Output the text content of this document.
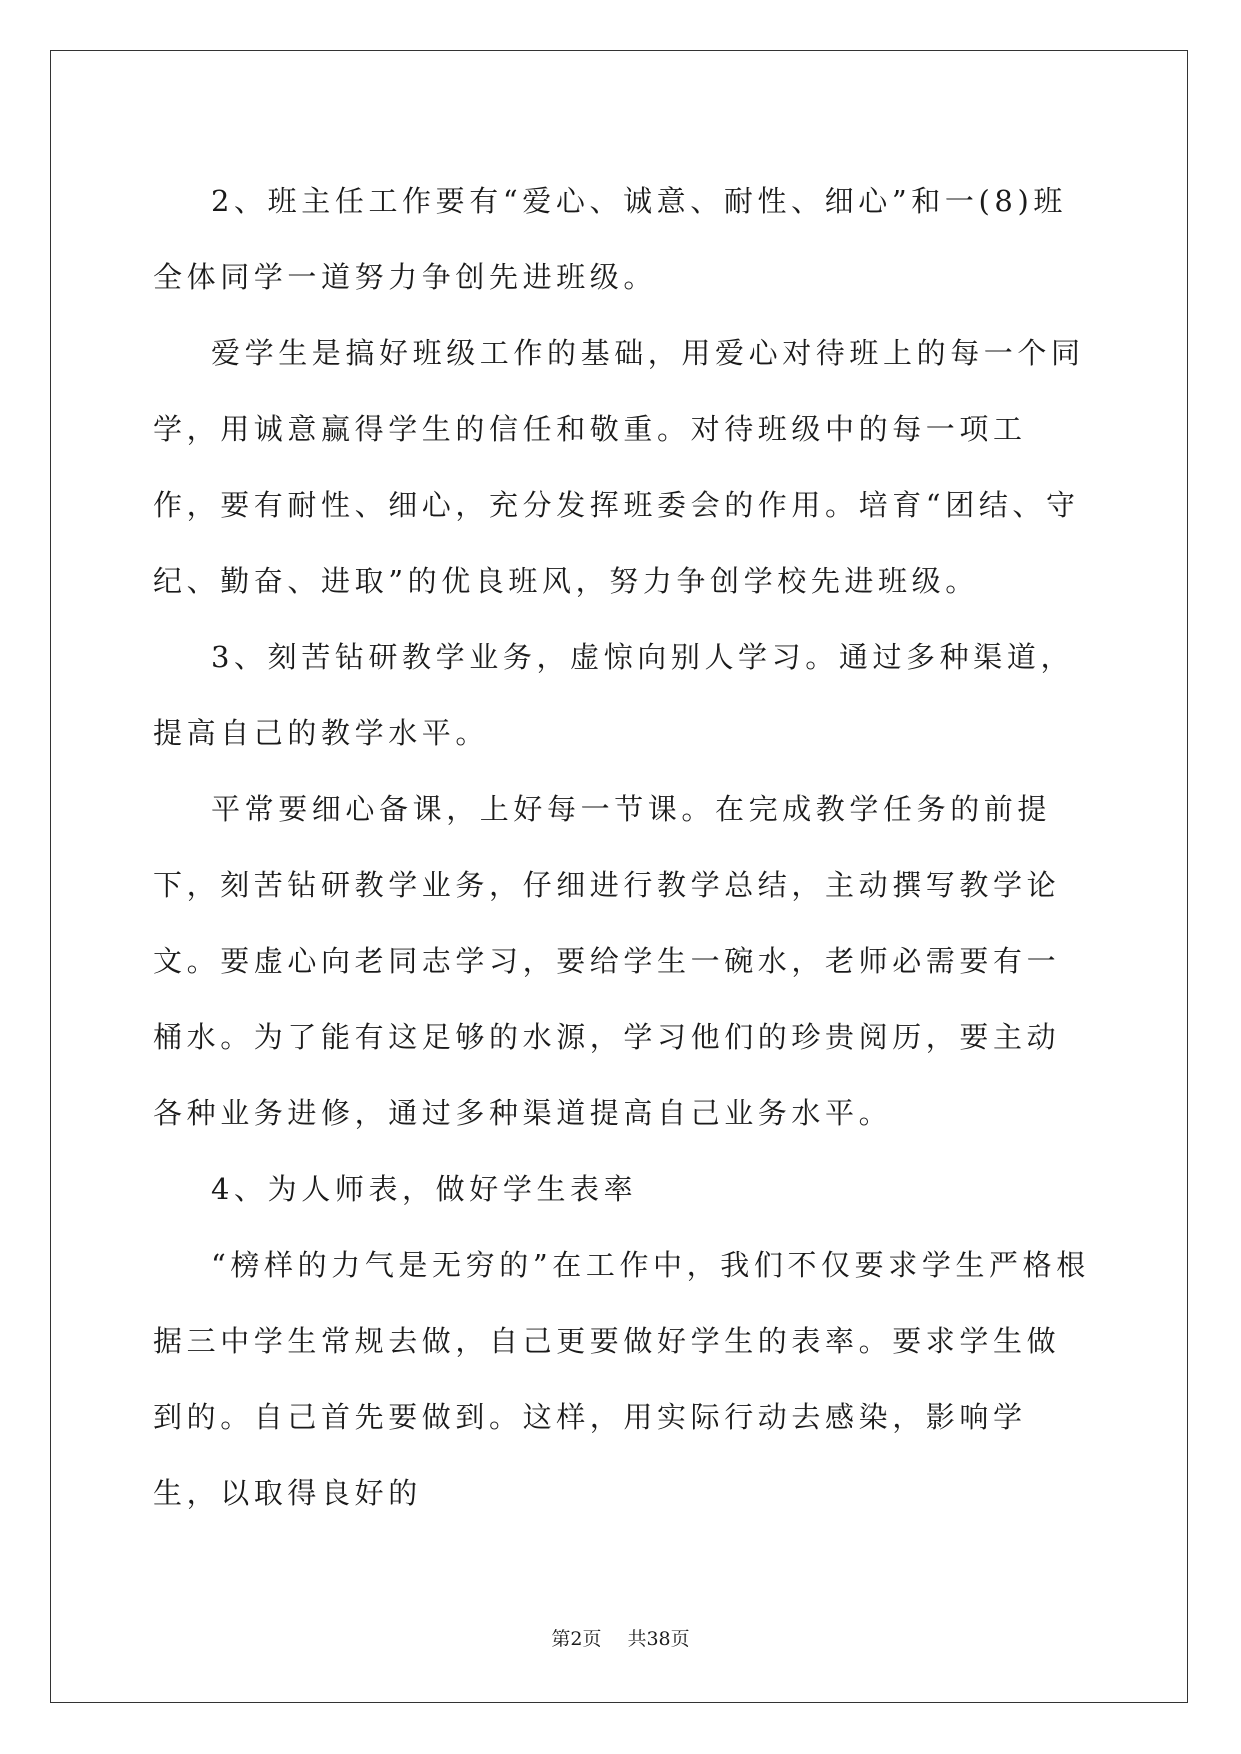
2、班主任工作要有“爱心、诚意、耐性、细心”和一(8)班全体同学一道努力争创先进班级。

爱学生是搞好班级工作的基础，用爱心对待班上的每一个同学，用诚意赢得学生的信任和敬重。对待班级中的每一项工作，要有耐性、细心，充分发挥班委会的作用。培育“团结、守纪、勤奋、进取”的优良班风，努力争创学校先进班级。

3、刻苦钻研教学业务，虚惊向别人学习。通过多种渠道，提高自己的教学水平。

平常要细心备课，上好每一节课。在完成教学任务的前提下，刻苦钻研教学业务，仔细进行教学总结，主动撰写教学论文。要虚心向老同志学习，要给学生一碗水，老师必需要有一桶水。为了能有这足够的水源，学习他们的珍贵阅历，要主动各种业务进修，通过多种渠道提高自己业务水平。

4、为人师表，做好学生表率

“榜样的力气是无穷的”在工作中，我们不仅要求学生严格根据三中学生常规去做，自己更要做好学生的表率。要求学生做到的。自己首先要做到。这样，用实际行动去感染，影响学生，以取得良好的

第2页 共38页
